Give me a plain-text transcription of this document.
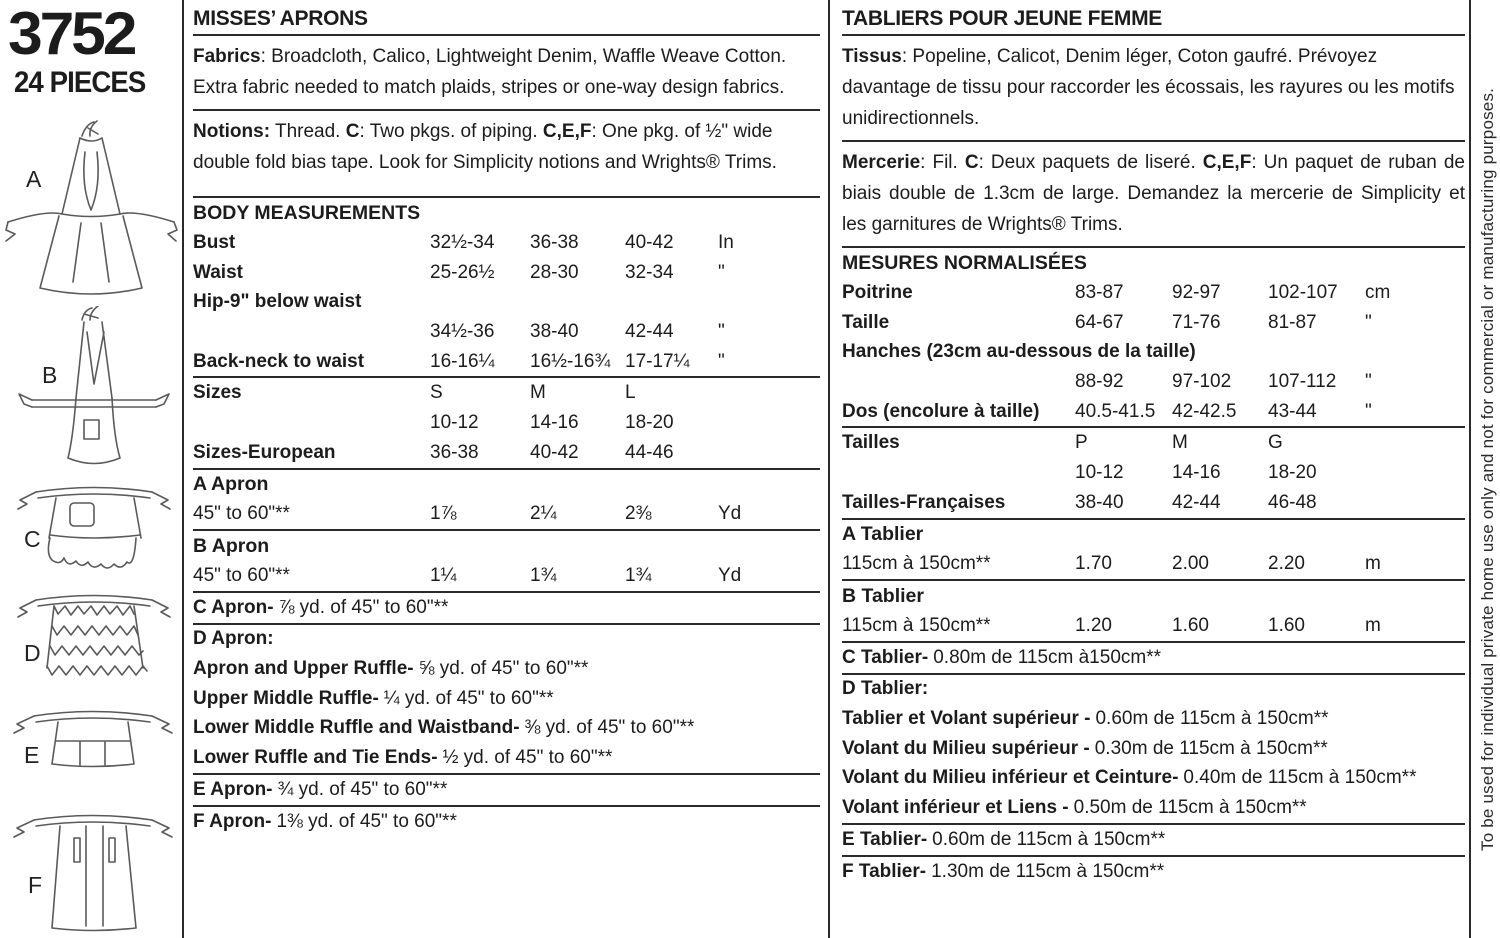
3752
24 PIECES
A
B
C
D
E
F
MISSES’ APRONS
Fabrics: Broadcloth, Calico, Lightweight Denim, Waffle Weave Cotton. Extra fabric needed to match plaids, stripes or one-way design fabrics.
Notions: Thread. C: Two pkgs. of piping. C,E,F: One pkg. of ½" wide double fold bias tape. Look for Simplicity notions and Wrights® Trims.
BODY MEASUREMENTS
Bust	32½-34	36-38	40-42	In
Waist	25-26½	28-30	32-34	"
Hip-9" below waist
34½-36	38-40	42-44	"
Back-neck to waist	16-16¼	16½-16¾ 17-17¼	"
Sizes	S	M	L
10-12	14-16	18-20
Sizes-European	36-38	40-42	44-46
A Apron
45" to 60"**	1⅞	2¼	2⅜	Yd
B Apron
45" to 60"**	1¼	1¾	1¾	Yd
C Apron- ⅞ yd. of 45" to 60"**
D Apron:
Apron and Upper Ruffle- ⅝ yd. of 45" to 60"**
Upper Middle Ruffle- ¼ yd. of 45" to 60"**
Lower Middle Ruffle and Waistband- ⅜ yd. of 45" to 60"**
Lower Ruffle and Tie Ends- ½ yd. of 45" to 60"**
E Apron- ¾ yd. of 45" to 60"**
F Apron- 1⅜ yd. of 45" to 60"**
TABLIERS POUR JEUNE FEMME
Tissus: Popeline, Calicot, Denim léger, Coton gaufré. Prévoyez davantage de tissu pour raccorder les écossais, les rayures ou les motifs unidirectionnels.
Mercerie: Fil. C: Deux paquets de liseré. C,E,F: Un paquet de ruban de biais double de 1.3cm de large. Demandez la mercerie de Simplicity et les garnitures de Wrights® Trims.
MESURES NORMALISÉES
Poitrine	83-87	92-97	102-107	cm
Taille	64-67	71-76	81-87	"
Hanches (23cm au-dessous de la taille)
88-92	97-102	107-112	"
Dos (encolure à taille)	40.5-41.5 42-42.5	43-44	"
Tailles	P	M	G
10-12	14-16	18-20
Tailles-Françaises	38-40	42-44	46-48
A Tablier
115cm à 150cm**	1.70	2.00	2.20	m
B Tablier
115cm à 150cm**	1.20	1.60	1.60	m
C Tablier- 0.80m de 115cm à150cm**
D Tablier:
Tablier et Volant supérieur - 0.60m de 115cm à 150cm**
Volant du Milieu supérieur - 0.30m de 115cm à 150cm**
Volant du Milieu inférieur et Ceinture- 0.40m de 115cm à 150cm**
Volant inférieur et Liens - 0.50m de 115cm à 150cm**
E Tablier- 0.60m de 115cm à 150cm**
F Tablier- 1.30m de 115cm à 150cm**
To be used for individual private home use only and not for commercial or manufacturing purposes.
